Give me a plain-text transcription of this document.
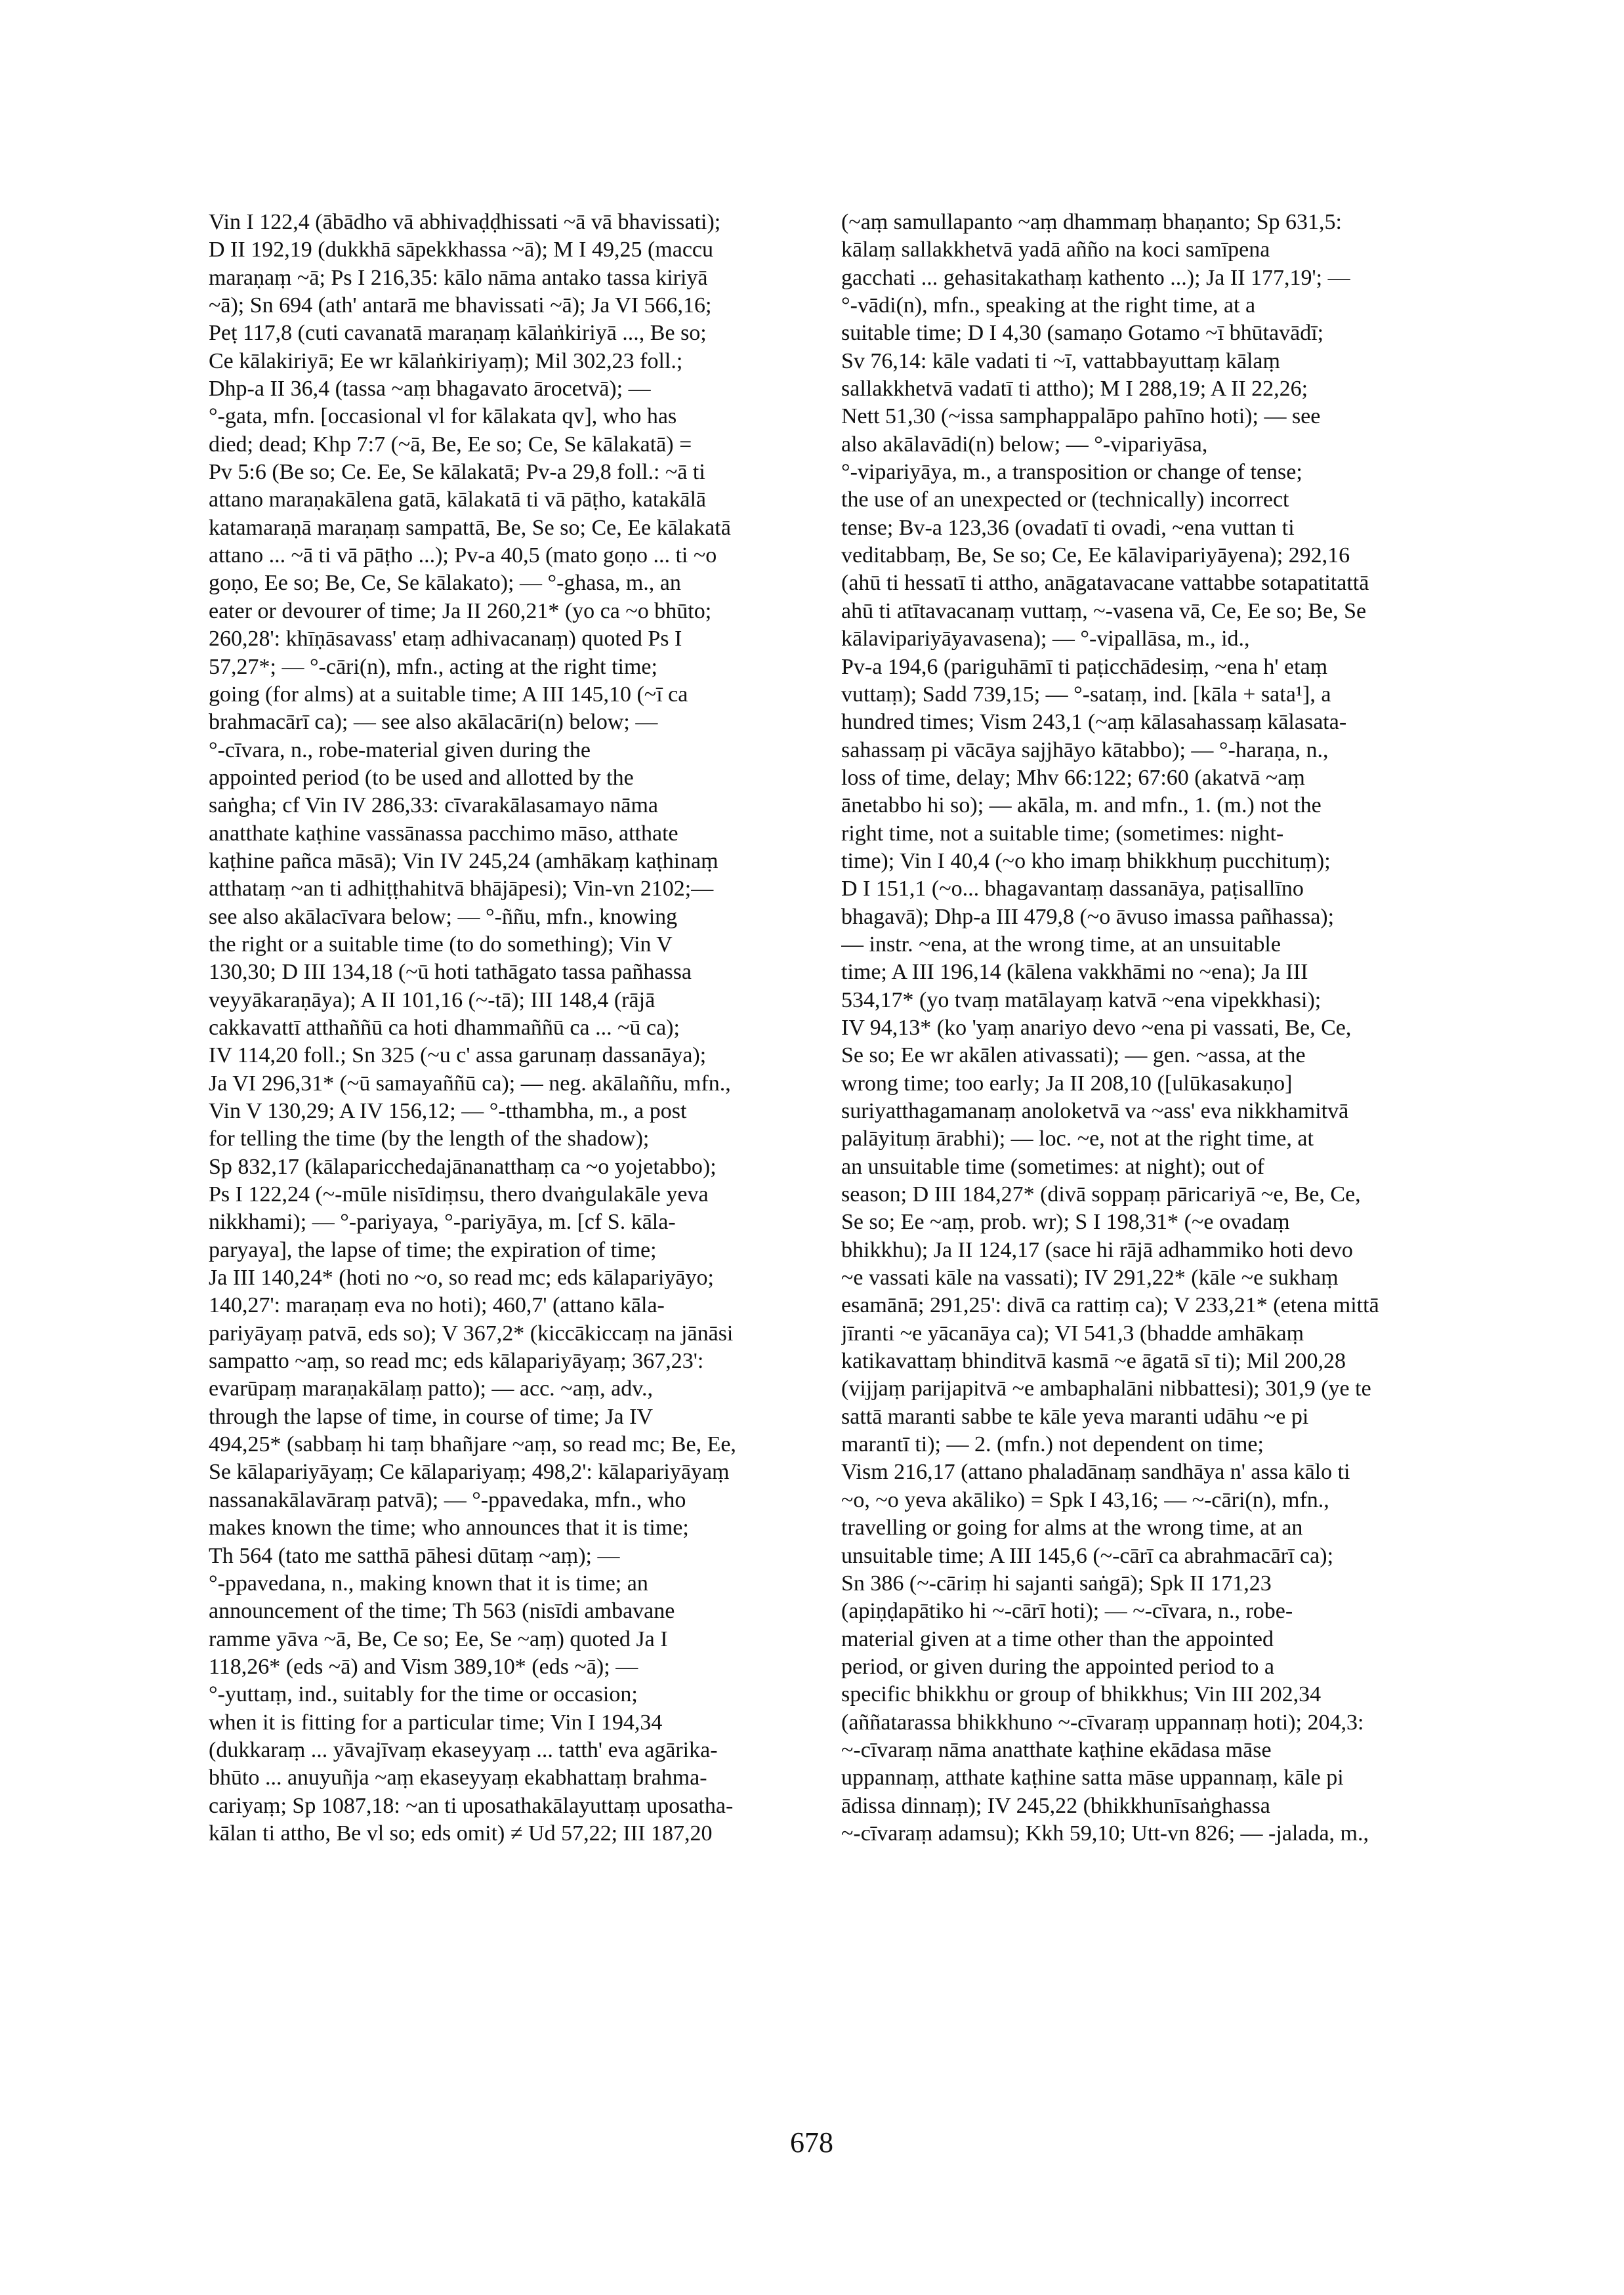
Vin I 122,4 (ābādho vā abhivaḍḍhissati ~ā vā bhavissati);
D II 192,19 (dukkhā sāpekkhassa ~ā); M I 49,25 (maccu
maraṇaṃ ~ā; Ps I 216,35: kālo nāma antako tassa kiriyā
~ā); Sn 694 (ath' antarā me bhavissati ~ā); Ja VI 566,16;
Peṭ 117,8 (cuti cavanatā maraṇaṃ kālaṅkiriyā ..., Be so;
Ce kālakiriyā; Ee wr kālaṅkiriyaṃ); Mil 302,23 foll.;
Dhp-a II 36,4 (tassa ~aṃ bhagavato ārocetvā); —
°-gata, mfn. [occasional vl for kālakata qv], who has
died; dead; Khp 7:7 (~ā, Be, Ee so; Ce, Se kālakatā) =
Pv 5:6 (Be so; Ce. Ee, Se kālakatā; Pv-a 29,8 foll.: ~ā ti
attano maraṇakālena gatā, kālakatā ti vā pāṭho, katakālā
katamaraṇā maraṇaṃ sampattā, Be, Se so; Ce, Ee kālakatā
attano ... ~ā ti vā pāṭho ...); Pv-a 40,5 (mato goṇo ... ti ~o
goṇo, Ee so; Be, Ce, Se kālakato); — °-ghasa, m., an
eater or devourer of time; Ja II 260,21* (yo ca ~o bhūto;
260,28': khīṇāsavass' etaṃ adhivacanaṃ) quoted Ps I
57,27*; — °-cāri(n), mfn., acting at the right time;
going (for alms) at a suitable time; A III 145,10 (~ī ca
brahmacārī ca); — see also akālacāri(n) below; —
°-cīvara, n., robe-material given during the
appointed period (to be used and allotted by the
saṅgha; cf Vin IV 286,33: cīvarakālasamayo nāma
anatthate kaṭhine vassānassa pacchimo māso, atthate
kaṭhine pañca māsā); Vin IV 245,24 (amhākaṃ kaṭhinaṃ
atthataṃ ~an ti adhiṭṭhahitvā bhājāpesi); Vin-vn 2102;—
see also akālacīvara below; — °-ññu, mfn., knowing
the right or a suitable time (to do something); Vin V
130,30; D III 134,18 (~ū hoti tathāgato tassa pañhassa
veyyākaraṇāya); A II 101,16 (~-tā); III 148,4 (rājā
cakkavattī atthaññū ca hoti dhammaññū ca ... ~ū ca);
IV 114,20 foll.; Sn 325 (~u c' assa garunaṃ dassanāya);
Ja VI 296,31* (~ū samayaññū ca); — neg. akālaññu, mfn.,
Vin V 130,29; A IV 156,12; — °-tthambha, m., a post
for telling the time (by the length of the shadow);
Sp 832,17 (kālaparicchedajānanatthaṃ ca ~o yojetabbo);
Ps I 122,24 (~-mūle nisīdiṃsu, thero dvaṅgulakāle yeva
nikkhami); — °-pariyaya, °-pariyāya, m. [cf S. kāla-
paryaya], the lapse of time; the expiration of time;
Ja III 140,24* (hoti no ~o, so read mc; eds kālapariyāyo;
140,27': maraṇaṃ eva no hoti); 460,7' (attano kāla-
pariyāyaṃ patvā, eds so); V 367,2* (kiccākiccaṃ na jānāsi
sampatto ~aṃ, so read mc; eds kālapariyāyaṃ; 367,23':
evarūpaṃ maraṇakālaṃ patto); — acc. ~aṃ, adv.,
through the lapse of time, in course of time; Ja IV
494,25* (sabbaṃ hi taṃ bhañjare ~aṃ, so read mc; Be, Ee,
Se kālapariyāyaṃ; Ce kālapariyaṃ; 498,2': kālapariyāyaṃ
nassanakālavāraṃ patvā); — °-ppavedaka, mfn., who
makes known the time; who announces that it is time;
Th 564 (tato me satthā pāhesi dūtaṃ ~aṃ); —
°-ppavedana, n., making known that it is time; an
announcement of the time; Th 563 (nisīdi ambavane
ramme yāva ~ā, Be, Ce so; Ee, Se ~aṃ) quoted Ja I
118,26* (eds ~ā) and Vism 389,10* (eds ~ā); —
°-yuttaṃ, ind., suitably for the time or occasion;
when it is fitting for a particular time; Vin I 194,34
(dukkaraṃ ... yāvajīvaṃ ekaseyyaṃ ... tatth' eva agārika-
bhūto ... anuyuñja ~aṃ ekaseyyaṃ ekabhattaṃ brahma-
cariyaṃ; Sp 1087,18: ~an ti uposathakālayuttaṃ uposatha-
kālan ti attho, Be vl so; eds omit) ≠ Ud 57,22; III 187,20
(~aṃ samullapanto ~aṃ dhammaṃ bhaṇanto; Sp 631,5:
kālaṃ sallakkhetvā yadā añño na koci samīpena
gacchati ... gehasitakathaṃ kathento ...); Ja II 177,19'; —
°-vādi(n), mfn., speaking at the right time, at a
suitable time; D I 4,30 (samaṇo Gotamo ~ī bhūtavādī;
Sv 76,14: kāle vadati ti ~ī, vattabbayuttaṃ kālaṃ
sallakkhetvā vadatī ti attho); M I 288,19; A II 22,26;
Nett 51,30 (~issa samphappalāpo pahīno hoti); — see
also akālavādi(n) below; — °-vipariyāsa,
°-vipariyāya, m., a transposition or change of tense;
the use of an unexpected or (technically) incorrect
tense; Bv-a 123,36 (ovadatī ti ovadi, ~ena vuttan ti
veditabbaṃ, Be, Se so; Ce, Ee kālavipariyāyena); 292,16
(ahū ti hessatī ti attho, anāgatavacane vattabbe sotapatitattā
ahū ti atītavacanaṃ vuttaṃ, ~-vasena vā, Ce, Ee so; Be, Se
kālavipariyāyavasena); — °-vipallāsa, m., id.,
Pv-a 194,6 (pariguhāmī ti paṭicchādesiṃ, ~ena h' etaṃ
vuttaṃ); Sadd 739,15; — °-sataṃ, ind. [kāla + sata¹], a
hundred times; Vism 243,1 (~aṃ kālasahassaṃ kālasata-
sahassaṃ pi vācāya sajjhāyo kātabbo); — °-haraṇa, n.,
loss of time, delay; Mhv 66:122; 67:60 (akatvā ~aṃ
ānetabbo hi so); — akāla, m. and mfn., 1. (m.) not the
right time, not a suitable time; (sometimes: night-
time); Vin I 40,4 (~o kho imaṃ bhikkhuṃ pucchituṃ);
D I 151,1 (~o... bhagavantaṃ dassanāya, paṭisallīno
bhagavā); Dhp-a III 479,8 (~o āvuso imassa pañhassa);
— instr. ~ena, at the wrong time, at an unsuitable
time; A III 196,14 (kālena vakkhāmi no ~ena); Ja III
534,17* (yo tvaṃ matālayaṃ katvā ~ena vipekkhasi);
IV 94,13* (ko 'yaṃ anariyo devo ~ena pi vassati, Be, Ce,
Se so; Ee wr akālen ativassati); — gen. ~assa, at the
wrong time; too early; Ja II 208,10 ([ulūkasakuṇo]
suriyatthagamanaṃ anoloketvā va ~ass' eva nikkhamitvā
palāyituṃ ārabhi); — loc. ~e, not at the right time, at
an unsuitable time (sometimes: at night); out of
season; D III 184,27* (divā soppaṃ pāricariyā ~e, Be, Ce,
Se so; Ee ~aṃ, prob. wr); S I 198,31* (~e ovadaṃ
bhikkhu); Ja II 124,17 (sace hi rājā adhammiko hoti devo
~e vassati kāle na vassati); IV 291,22* (kāle ~e sukhaṃ
esamānā; 291,25': divā ca rattiṃ ca); V 233,21* (etena mittā
jīranti ~e yācanāya ca); VI 541,3 (bhadde amhākaṃ
katikavattaṃ bhinditvā kasmā ~e āgatā sī ti); Mil 200,28
(vijjaṃ parijapitvā ~e ambaphalāni nibbattesi); 301,9 (ye te
sattā maranti sabbe te kāle yeva maranti udāhu ~e pi
marantī ti); — 2. (mfn.) not dependent on time;
Vism 216,17 (attano phaladānaṃ sandhāya n' assa kālo ti
~o, ~o yeva akāliko) = Spk I 43,16; — ~-cāri(n), mfn.,
travelling or going for alms at the wrong time, at an
unsuitable time; A III 145,6 (~-cārī ca abrahmacārī ca);
Sn 386 (~-cāriṃ hi sajanti saṅgā); Spk II 171,23
(apiṇḍapātiko hi ~-cārī hoti); — ~-cīvara, n., robe-
material given at a time other than the appointed
period, or given during the appointed period to a
specific bhikkhu or group of bhikkhus; Vin III 202,34
(aññatarassa bhikkhuno ~-cīvaraṃ uppannaṃ hoti); 204,3:
~-cīvaraṃ nāma anatthate kaṭhine ekādasa māse
uppannaṃ, atthate kaṭhine satta māse uppannaṃ, kāle pi
ādissa dinnaṃ); IV 245,22 (bhikkhunīsaṅghassa
~-cīvaraṃ adamsu); Kkh 59,10; Utt-vn 826; — -jalada, m.,
678
